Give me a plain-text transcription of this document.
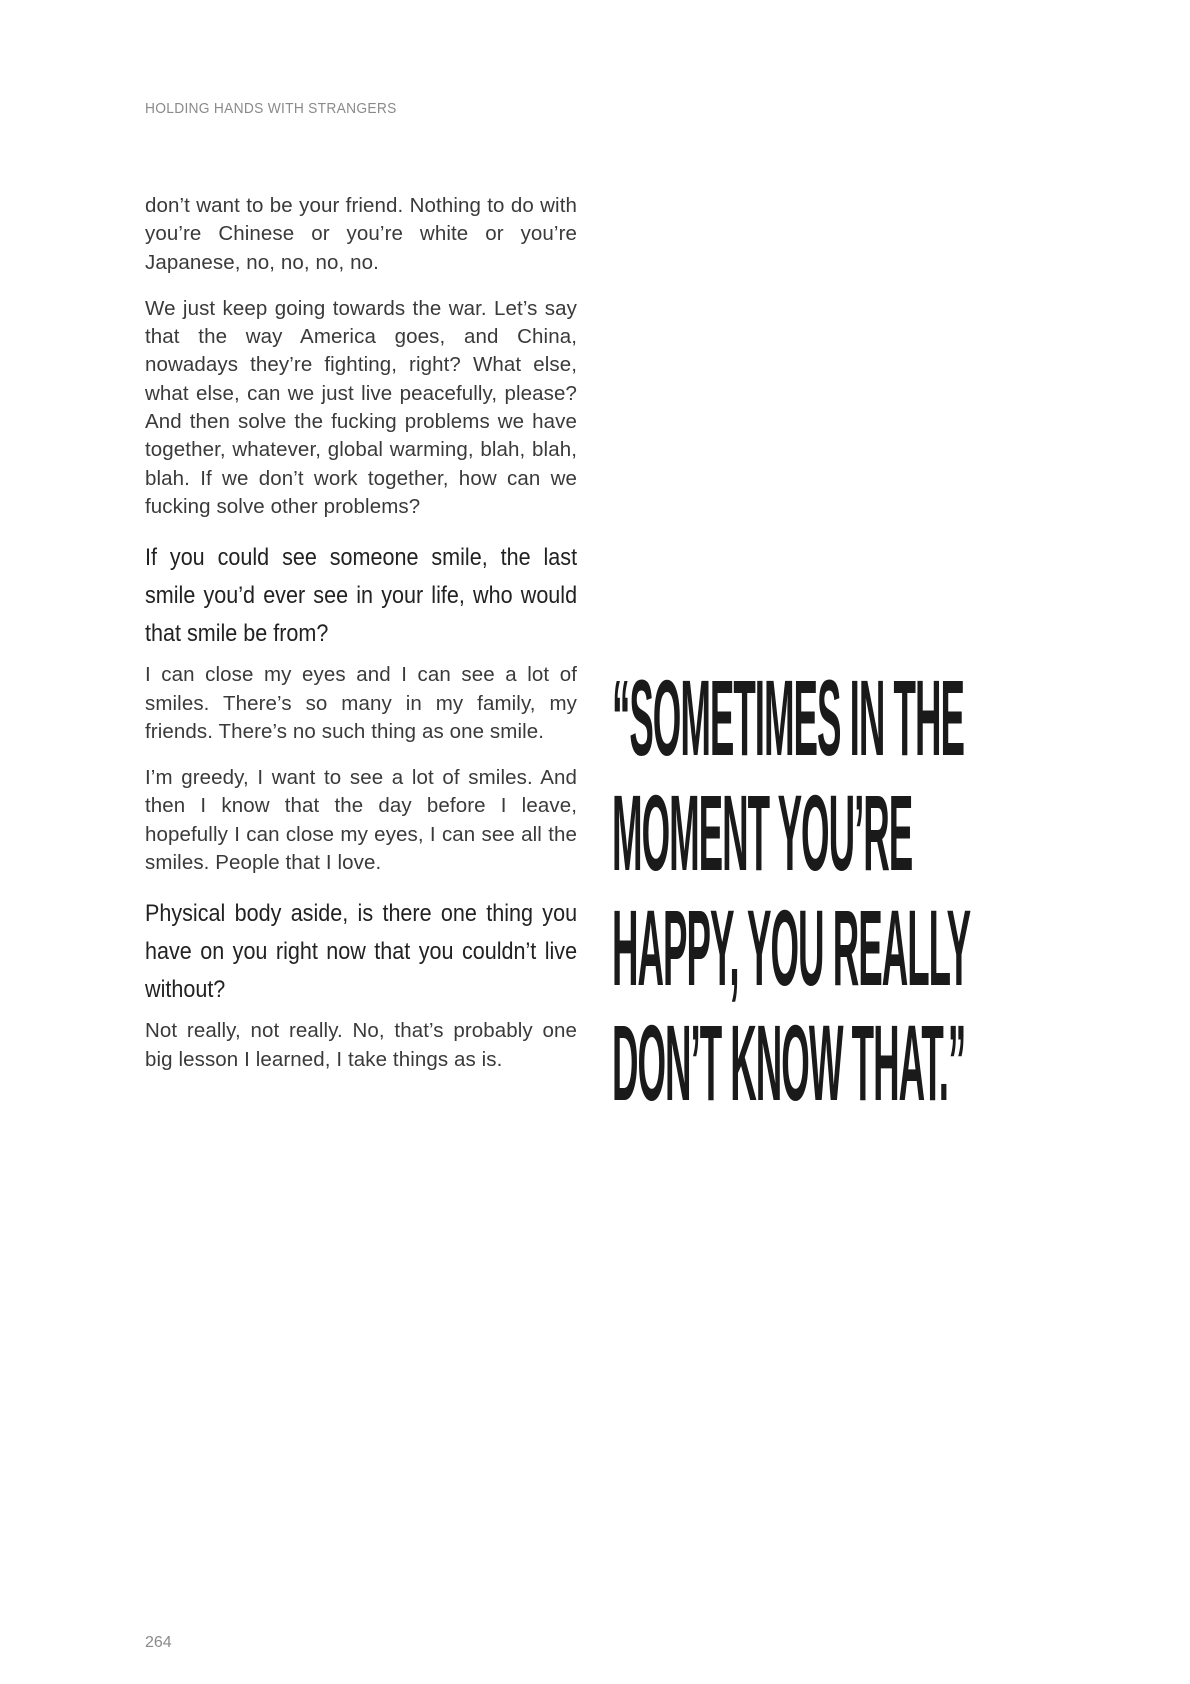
HOLDING HANDS WITH STRANGERS

don’t want to be your friend. Nothing to do with you’re Chinese or you’re white or you’re Japanese, no, no, no, no.

We just keep going towards the war. Let’s say that the way America goes, and China, nowadays they’re fighting, right? What else, what else, can we just live peacefully, please? And then solve the fucking problems we have together, whatever, global warming, blah, blah, blah. If we don’t work together, how can we fucking solve other problems?

If you could see someone smile, the last smile you’d ever see in your life, who would that smile be from?

I can close my eyes and I can see a lot of smiles. There’s so many in my family, my friends. There’s no such thing as one smile.

I’m greedy, I want to see a lot of smiles. And then I know that the day before I leave, hopefully I can close my eyes, I can see all the smiles. People that I love.

Physical body aside, is there one thing you have on you right now that you couldn’t live without?

Not really, not really. No, that’s probably one big lesson I learned, I take things as is.

“SOMETIMES IN THE
MOMENT YOU’RE
HAPPY, YOU REALLY
DON’T KNOW THAT.”
264
